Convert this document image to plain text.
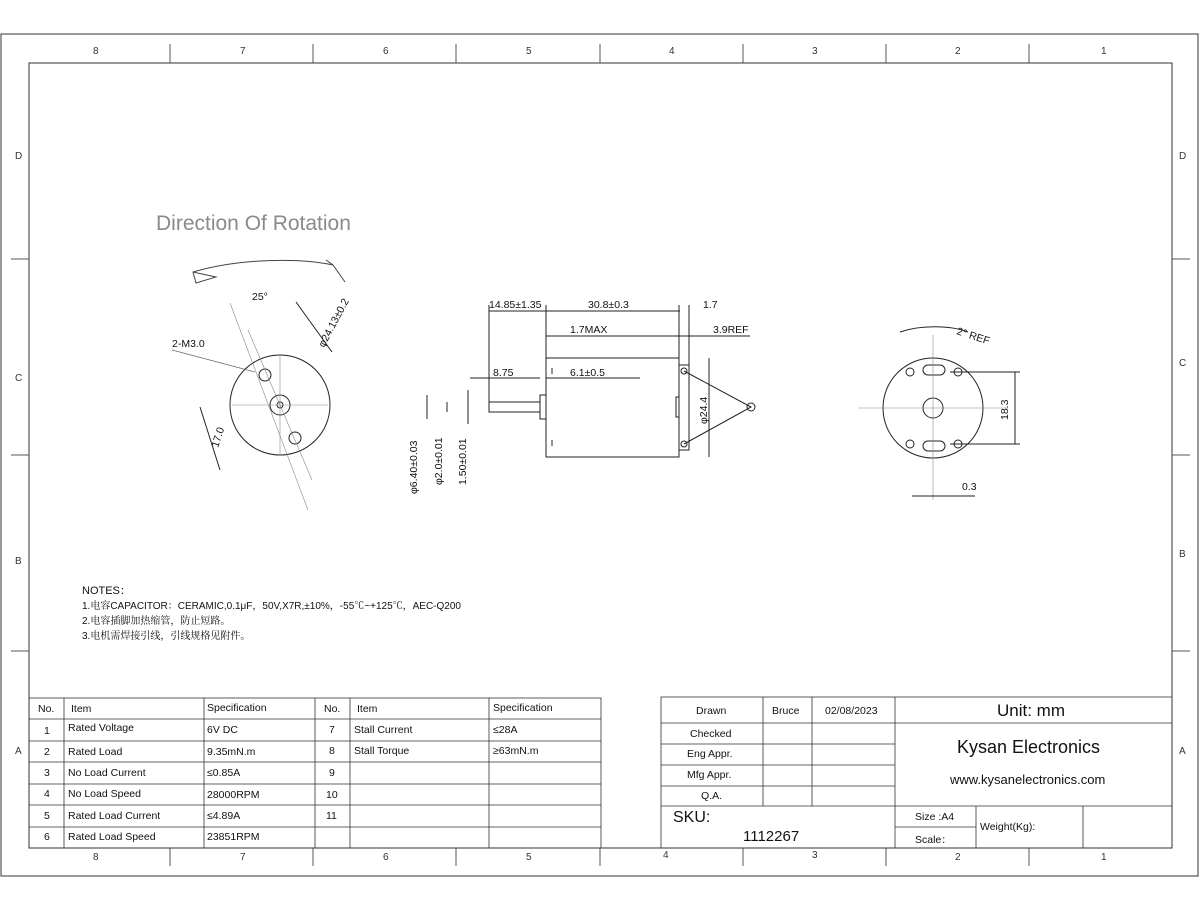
25°
2-M3.0	φ24.13±0.2
17.0
14.85±1.35	30.8±0.3	1.7
1.7MAX	3.9REF
8.75	6.1±0.5
φ24.4
φ6.40±0.03 φ2.0±0.01 1.50±0.01
2° REF
18.3
0.3
8	7	6	5	4	3	2	1
8	7	6	5	4	3	2	1
D
C
B
A
D
C
B
A
Direction Of Rotation
NOTES：
1.电容CAPACITOR：CERAMIC,0.1μF，50V,X7R,±10%，-55℃~+125℃，AEC-Q200
2.电容插脚加热缩管，防止短路。
3.电机需焊接引线，引线规格见附件。
No. Item	Specification	No. Item	Specification
1 Rated Voltage	6V DC	7 Stall Current	≤28A
2 Rated Load	9.35mN.m	8 Stall Torque	≥63mN.m
3 No Load Current	≤0.85A	9
4 No Load Speed	28000RPM	10
5 Rated Load Current	≤4.89A	11
6 Rated Load Speed	23851RPM
Drawn	Bruce 02/08/2023
Checked
Eng Appr.
Mfg Appr.
Q.A.
SKU:
1112267
Unit: mm
Kysan Electronics
www.kysanelectronics.com
Size :A4
Scale：
Weight(Kg):
